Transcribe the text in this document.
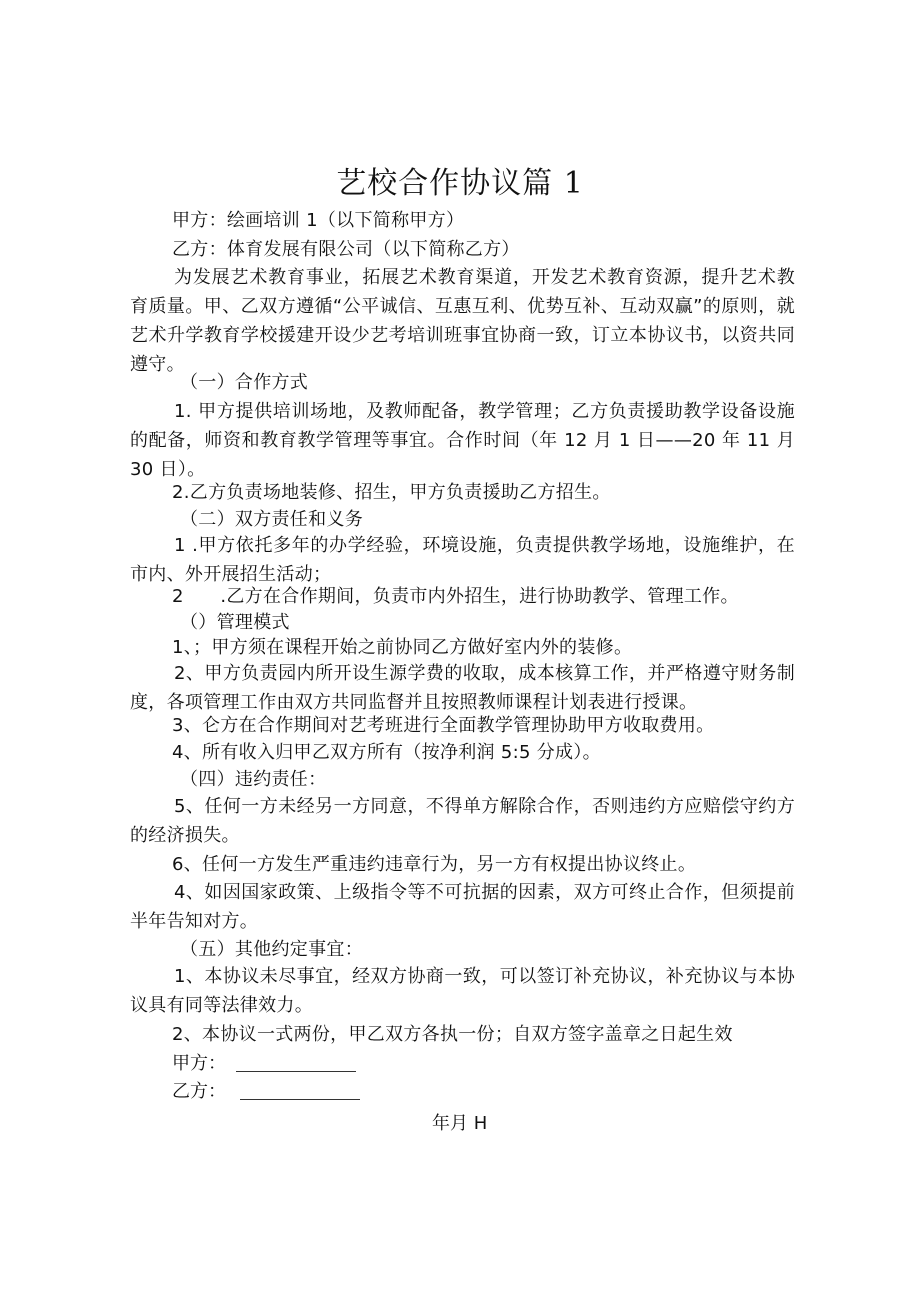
艺校合作协议篇 1

甲方：绘画培训 1（以下简称甲方）

乙方：体育发展有限公司（以下简称乙方）

为发展艺术教育事业，拓展艺术教育渠道，开发艺术教育资源，提升艺术教育质量。甲、乙双方遵循“公平诚信、互惠互利、优势互补、互动双赢”的原则，就艺术升学教育学校援建开设少艺考培训班事宜协商一致，订立本协议书，以资共同遵守。

（一）合作方式

1. 甲方提供培训场地，及教师配备，教学管理；乙方负责援助教学设备设施的配备，师资和教育教学管理等事宜。合作时间（年 12 月 1 日——20 年 11 月 30 日）。

2.乙方负责场地装修、招生，甲方负责援助乙方招生。

（二）双方责任和义务

1 .甲方依托多年的办学经验，环境设施，负责提供教学场地，设施维护，在市内、外开展招生活动；

2　　.乙方在合作期间，负责市内外招生，进行协助教学、管理工作。

（）管理模式

1、；甲方须在课程开始之前协同乙方做好室内外的装修。

2、甲方负责园内所开设生源学费的收取，成本核算工作，并严格遵守财务制度，各项管理工作由双方共同监督并且按照教师课程计划表进行授课。

3、仑方在合作期间对艺考班进行全面教学管理协助甲方收取费用。

4、所有收入归甲乙双方所有（按净利润 5:5 分成）。

（四）违约责任：

5、任何一方未经另一方同意，不得单方解除合作，否则违约方应赔偿守约方的经济损失。

6、任何一方发生严重违约违章行为，另一方有权提出协议终止。

4、如因国家政策、上级指令等不可抗据的因素，双方可终止合作，但须提前半年告知对方。

（五）其他约定事宜：

1、本协议未尽事宜，经双方协商一致，可以签订补充协议，补充协议与本协议具有同等法律效力。

2、本协议一式两份，甲乙双方各执一份；自双方签字盖章之日起生效

甲方：
乙方：
年月 H
